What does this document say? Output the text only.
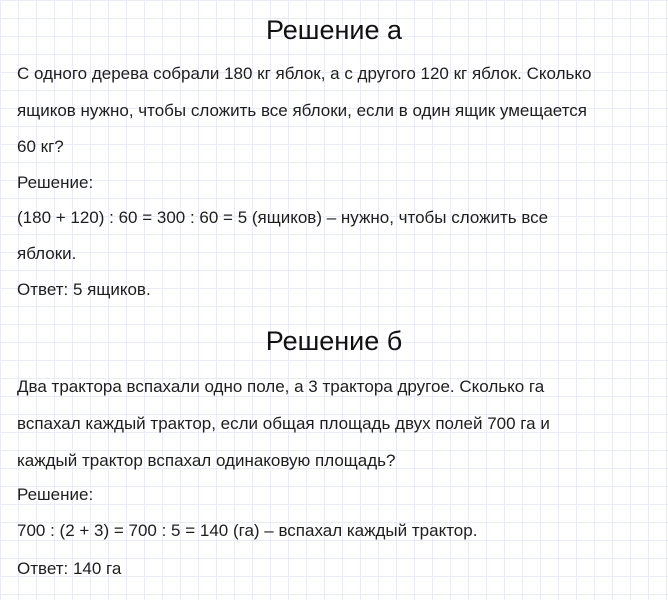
Решение а
С одного дерева собрали 180 кг яблок, а с другого 120 кг яблок. Сколько
ящиков нужно, чтобы сложить все яблоки, если в один ящик умещается
60 кг?
Решение:
(180 + 120) : 60 = 300 : 60 = 5 (ящиков) – нужно, чтобы сложить все
яблоки.
Ответ: 5 ящиков.
Решение б
Два трактора вспахали одно поле, а 3 трактора другое. Сколько га
вспахал каждый трактор, если общая площадь двух полей 700 га и
каждый трактор вспахал одинаковую площадь?
Решение:
700 : (2 + 3) = 700 : 5 = 140 (га) – вспахал каждый трактор.
Ответ: 140 га
